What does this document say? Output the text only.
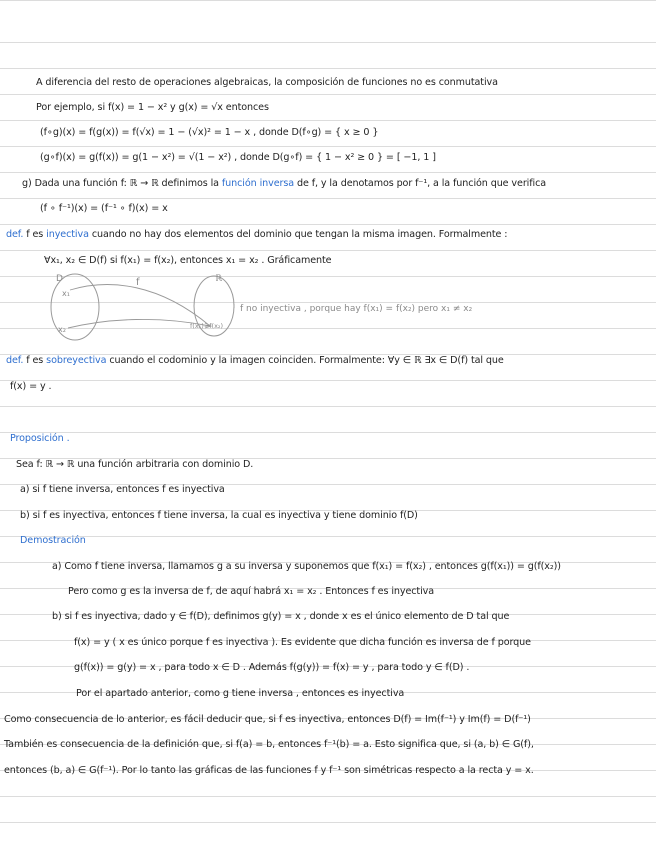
A diferencia del resto de operaciones algebraicas, la composición de funciones no es conmutativa
Por ejemplo, si f(x) = 1 − x² y g(x) = √x entonces
(f∘g)(x) = f(g(x)) = f(√x) = 1 − (√x)² = 1 − x , donde D(f∘g) = { x ≥ 0 }
(g∘f)(x) = g(f(x)) = g(1 − x²) = √(1 − x²) , donde D(g∘f) = { 1 − x² ≥ 0 } = [ −1, 1 ]
g) Dada una función f: ℝ → ℝ definimos la función inversa de f, y la denotamos por f⁻¹, a la función que verifica
(f ∘ f⁻¹)(x) = (f⁻¹ ∘ f)(x) = x
def. f es inyectiva cuando no hay dos elementos del dominio que tengan la misma imagen. Formalmente :
∀x₁, x₂ ∈ D(f) si f(x₁) = f(x₂), entonces x₁ = x₂ . Gráficamente
D	f	ℝ
x₁
x₂	f(x₁)=f(x₂)
f no inyectiva , porque hay f(x₁) = f(x₂) pero x₁ ≠ x₂
def. f es sobreyectiva cuando el codominio y la imagen coinciden. Formalmente: ∀y ∈ ℝ ∃x ∈ D(f) tal que
f(x) = y .
Proposición .
Sea f: ℝ → ℝ una función arbitraria con dominio D.
a) si f tiene inversa, entonces f es inyectiva
b) si f es inyectiva, entonces f tiene inversa, la cual es inyectiva y tiene dominio f(D)
Demostración
a) Como f tiene inversa, llamamos g a su inversa y suponemos que f(x₁) = f(x₂) , entonces g(f(x₁)) = g(f(x₂))
Pero como g es la inversa de f, de aquí habrá x₁ = x₂ . Entonces f es inyectiva
b) si f es inyectiva, dado y ∈ f(D), definimos g(y) = x , donde x es el único elemento de D tal que
f(x) = y ( x es único porque f es inyectiva ). Es evidente que dicha función es inversa de f porque
g(f(x)) = g(y) = x , para todo x ∈ D . Además f(g(y)) = f(x) = y , para todo y ∈ f(D) .
Por el apartado anterior, como g tiene inversa , entonces es inyectiva
Como consecuencia de lo anterior, es fácil deducir que, si f es inyectiva, entonces D(f) = Im(f⁻¹) y Im(f) = D(f⁻¹)
También es consecuencia de la definición que, si f(a) = b, entonces f⁻¹(b) = a. Esto significa que, si (a, b) ∈ G(f),
entonces (b, a) ∈ G(f⁻¹). Por lo tanto las gráficas de las funciones f y f⁻¹ son simétricas respecto a la recta y = x.
